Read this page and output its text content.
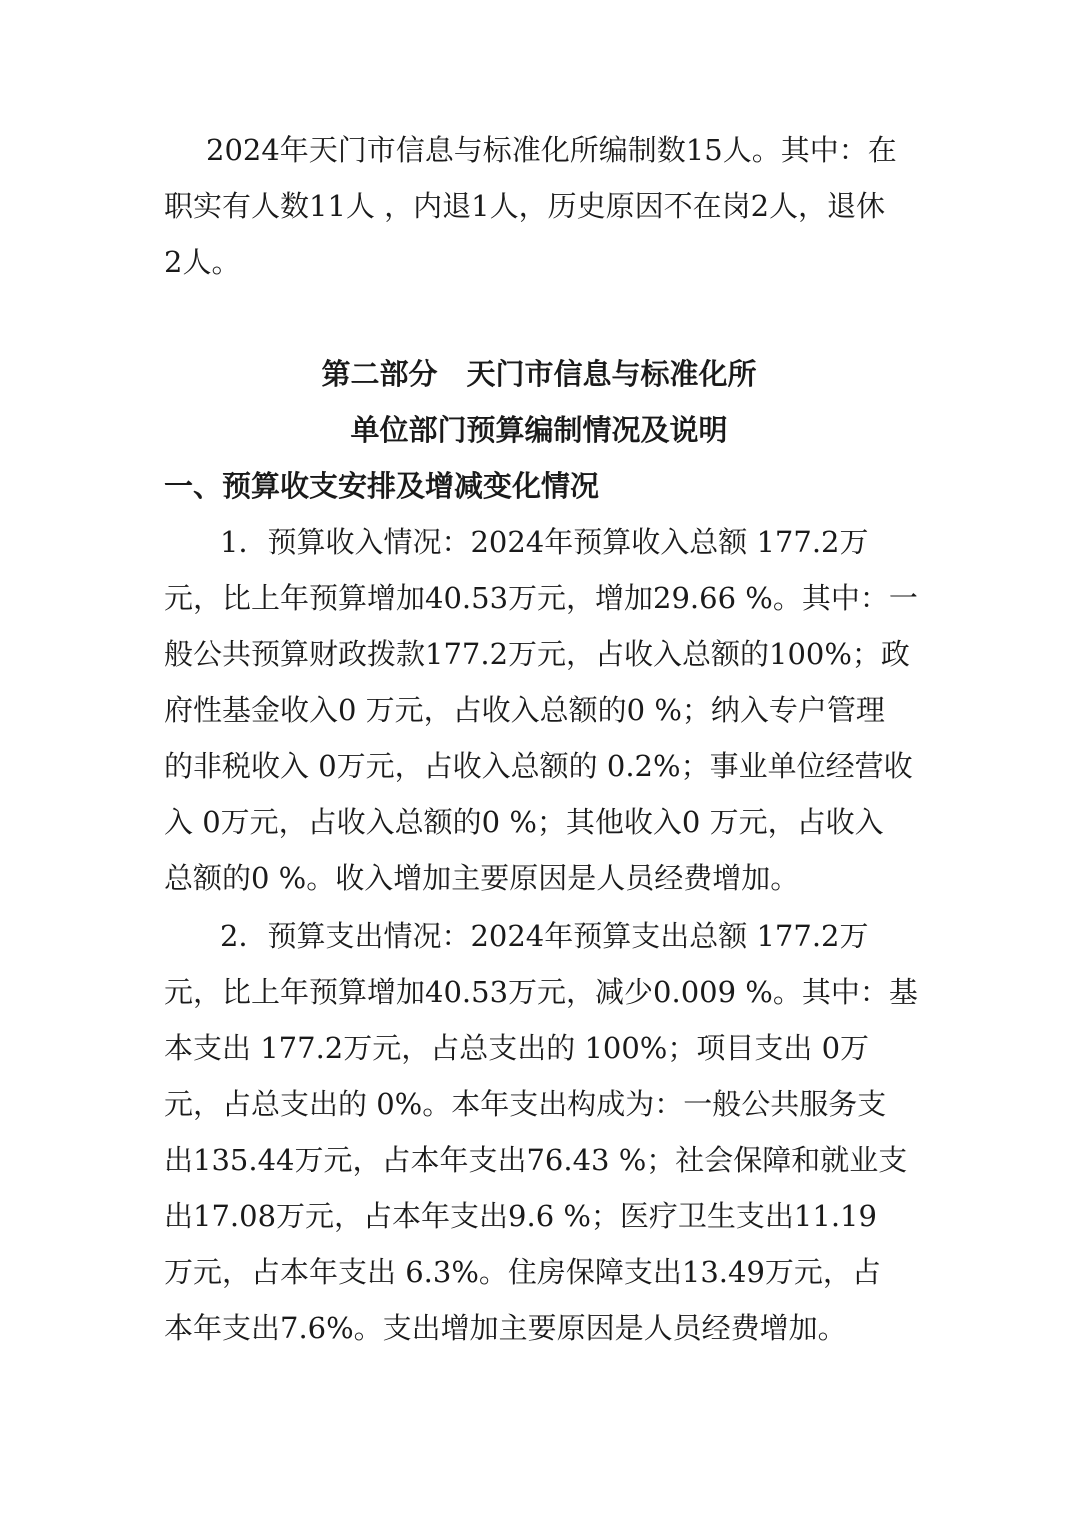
2024年天门市信息与标准化所编制数15人。其中：在
职实有人数11人 ，内退1人，历史原因不在岗2人，退休
2人。
第二部分　天门市信息与标准化所
单位部门预算编制情况及说明
一、预算收支安排及增减变化情况
1．预算收入情况：2024年预算收入总额 177.2万
元，比上年预算增加40.53万元，增加29.66 %。其中：一
般公共预算财政拨款177.2万元，占收入总额的100%；政
府性基金收入0 万元，占收入总额的0 %；纳入专户管理
的非税收入 0万元，占收入总额的 0.2%；事业单位经营收
入 0万元，占收入总额的0 %；其他收入0 万元，占收入
总额的0 %。收入增加主要原因是人员经费增加。
2．预算支出情况：2024年预算支出总额 177.2万
元，比上年预算增加40.53万元，减少0.009 %。其中：基
本支出 177.2万元，占总支出的 100%；项目支出 0万
元，占总支出的 0%。本年支出构成为：一般公共服务支
出135.44万元，占本年支出76.43 %；社会保障和就业支
出17.08万元，占本年支出9.6 %；医疗卫生支出11.19
万元，占本年支出 6.3%。住房保障支出13.49万元，占
本年支出7.6%。支出增加主要原因是人员经费增加。
